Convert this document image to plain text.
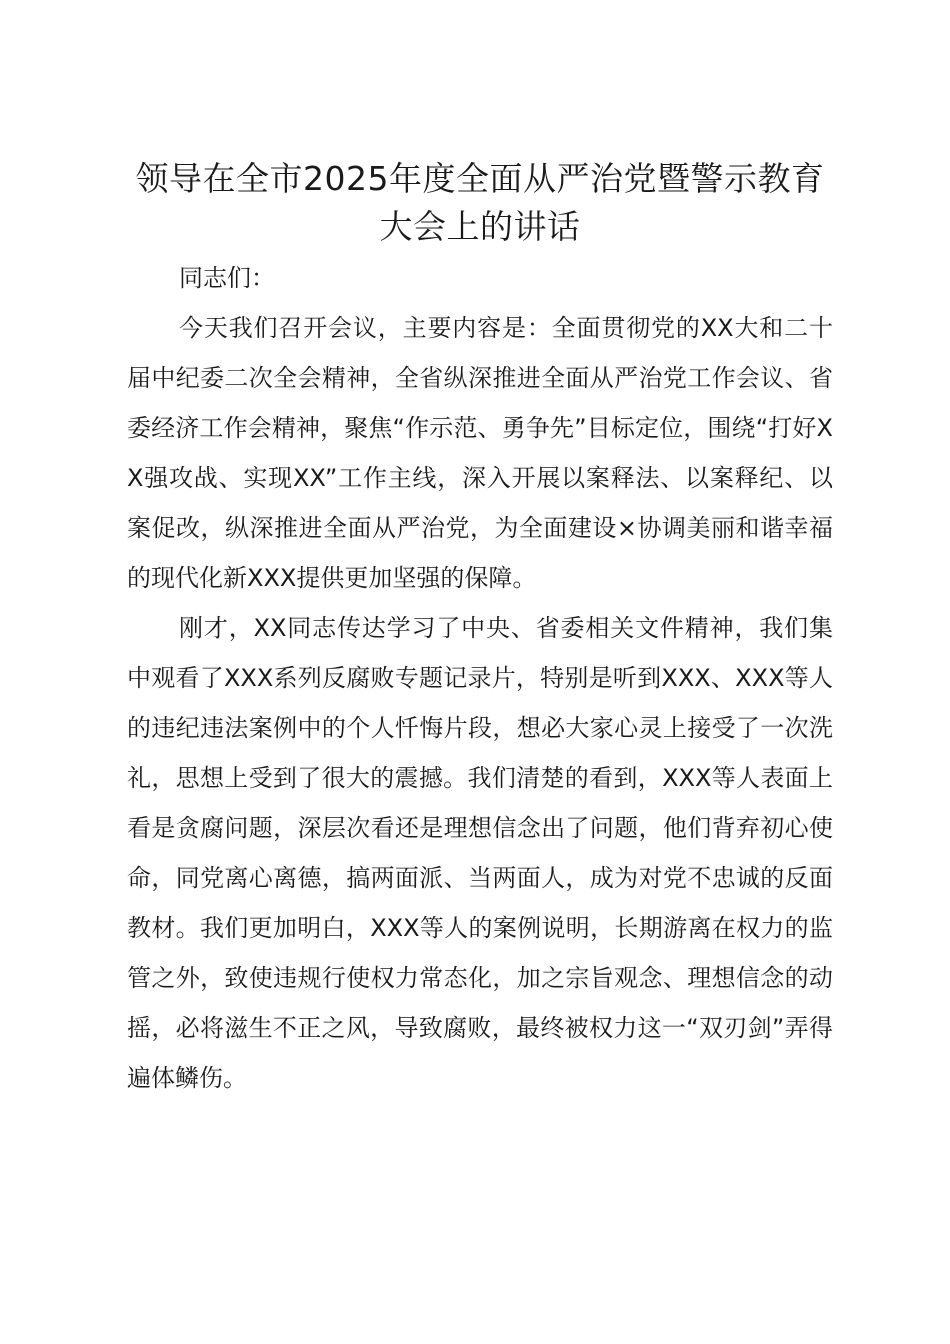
领导在全市2025年度全面从严治党暨警示教育大会上的讲话

同志们：

今天我们召开会议，主要内容是：全面贯彻党的XX大和二十届中纪委二次全会精神，全省纵深推进全面从严治党工作会议、省委经济工作会精神，聚焦“作示范、勇争先”目标定位，围绕“打好XX强攻战、实现XX”工作主线，深入开展以案释法、以案释纪、以案促改，纵深推进全面从严治党，为全面建设×协调美丽和谐幸福的现代化新XXX提供更加坚强的保障。

刚才，XX同志传达学习了中央、省委相关文件精神，我们集中观看了XXX系列反腐败专题记录片，特别是听到XXX、XXX等人的违纪违法案例中的个人忏悔片段，想必大家心灵上接受了一次洗礼，思想上受到了很大的震撼。我们清楚的看到，XXX等人表面上看是贪腐问题，深层次看还是理想信念出了问题，他们背弃初心使命，同党离心离德，搞两面派、当两面人，成为对党不忠诚的反面教材。我们更加明白，XXX等人的案例说明，长期游离在权力的监管之外，致使违规行使权力常态化，加之宗旨观念、理想信念的动摇，必将滋生不正之风，导致腐败，最终被权力这一“双刃剑”弄得遍体鳞伤。
